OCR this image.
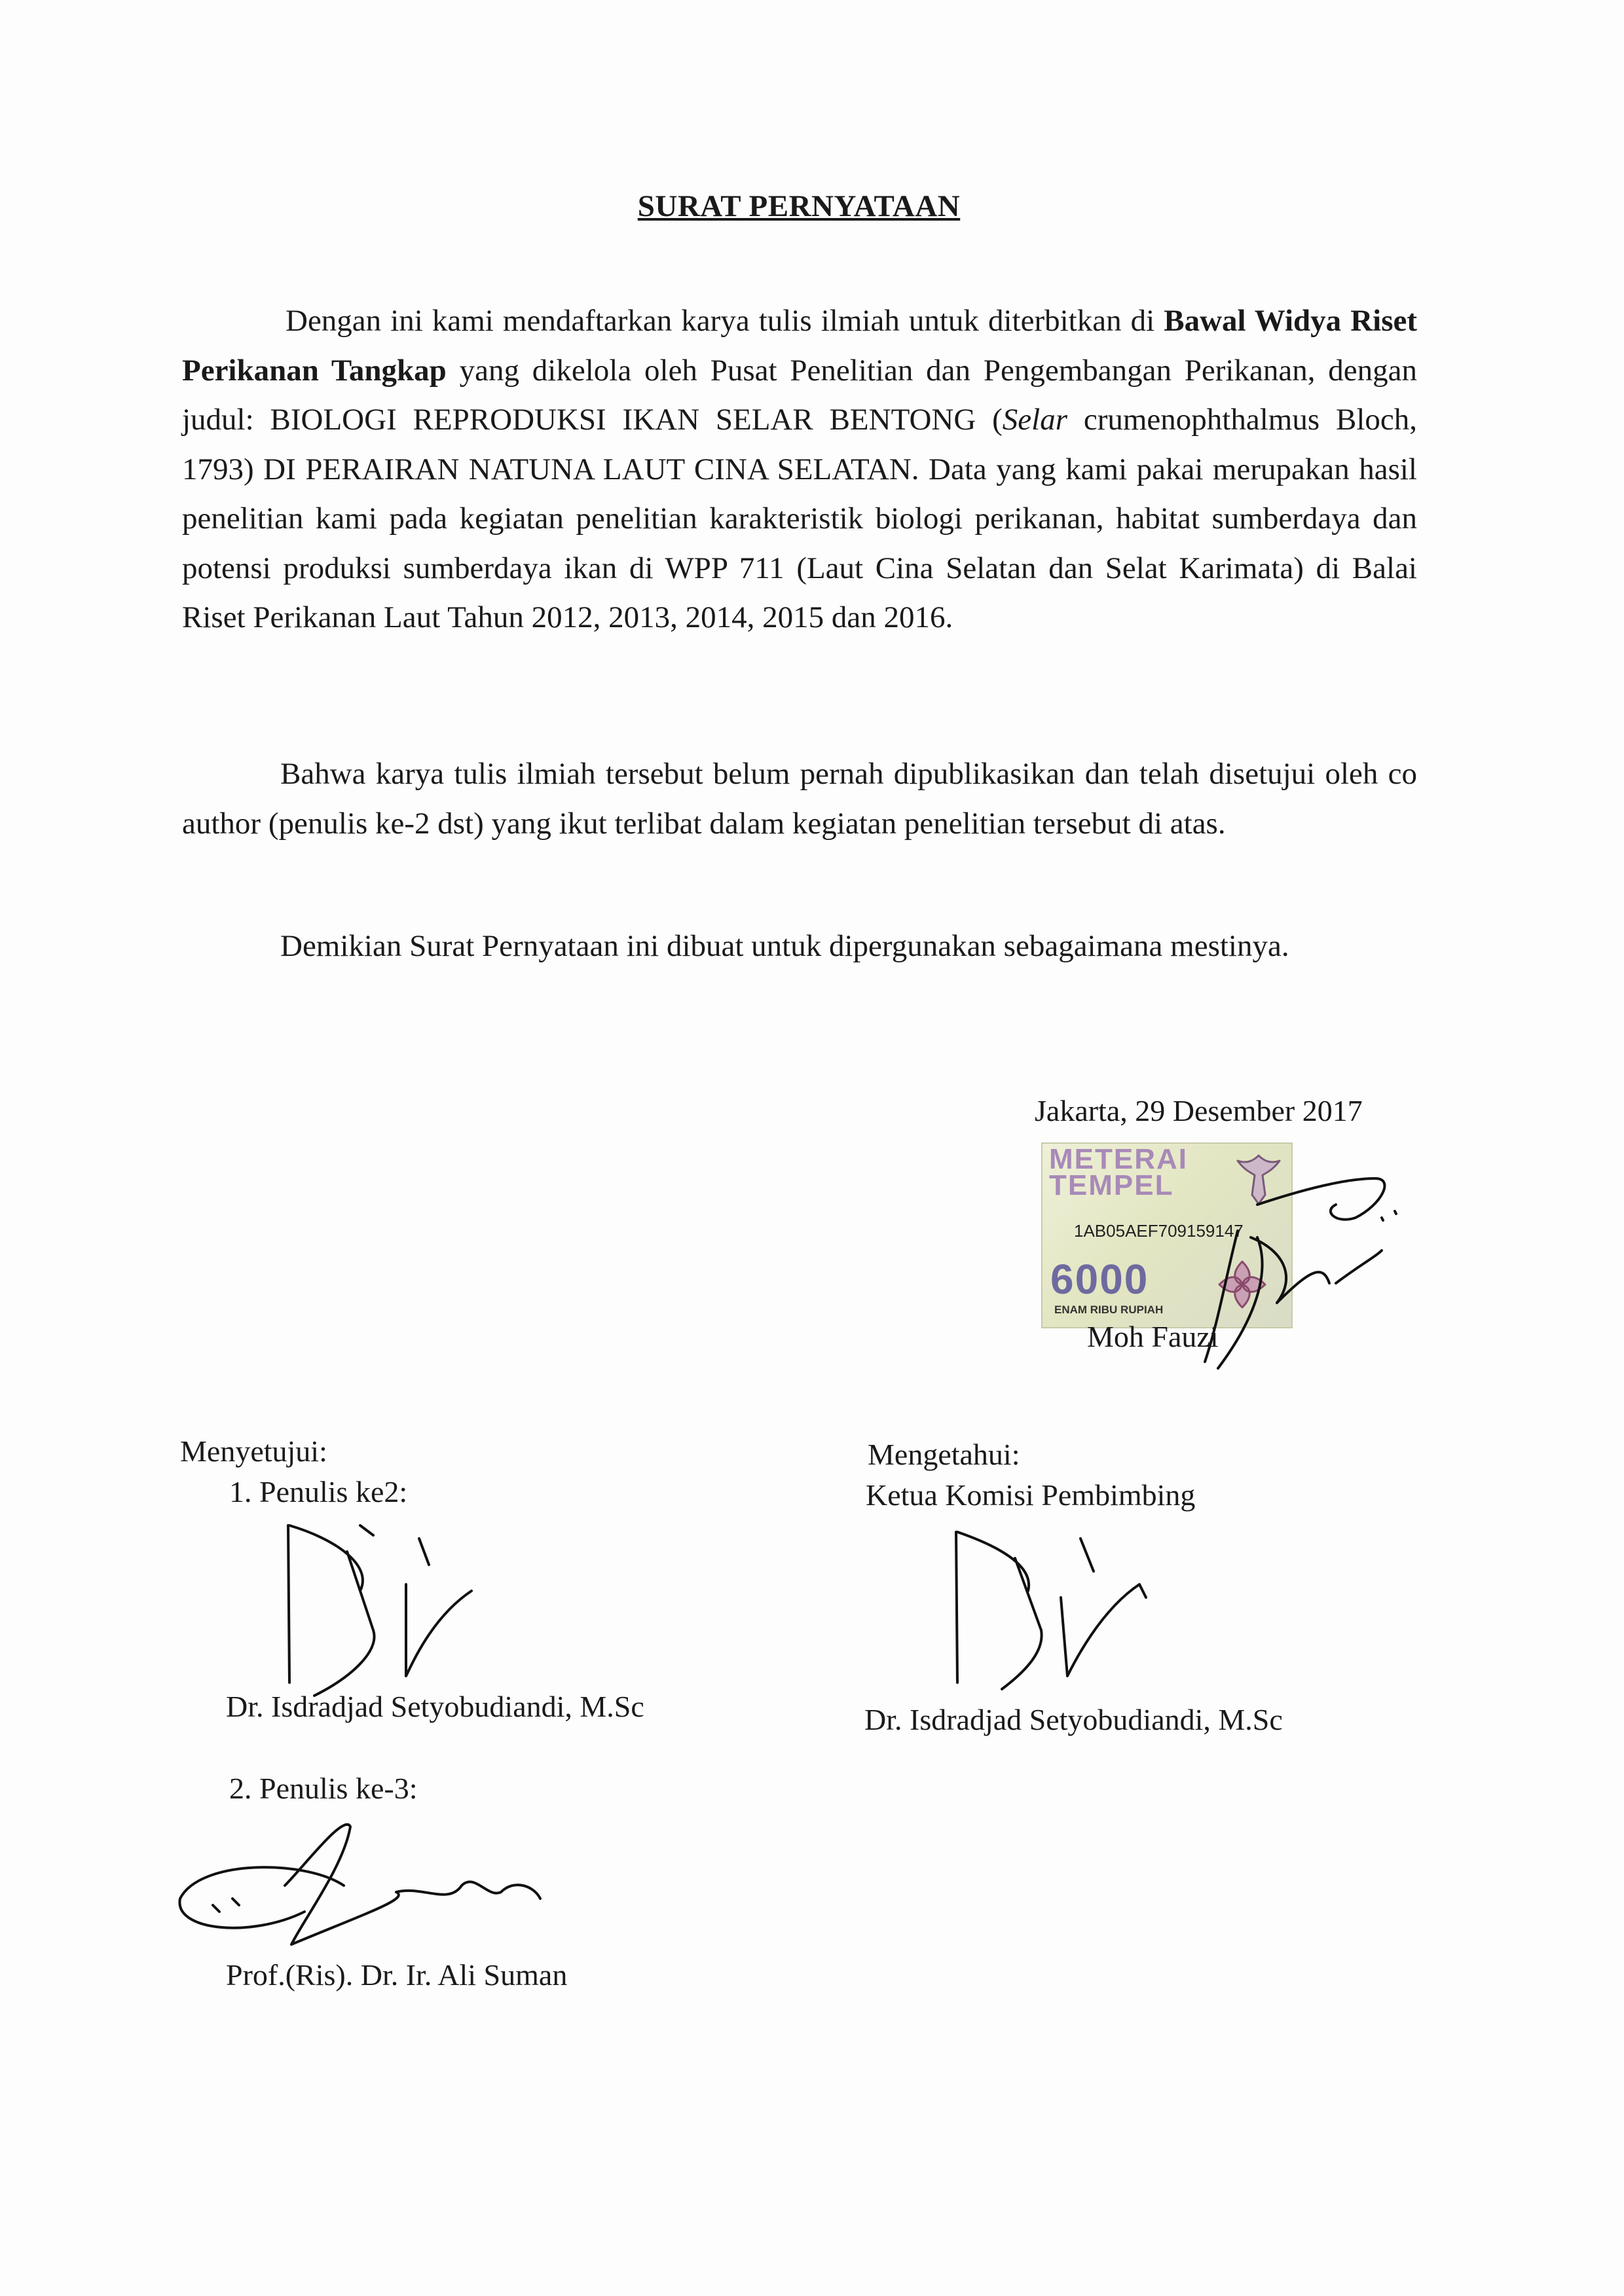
SURAT PERNYATAAN
Dengan ini kami mendaftarkan karya tulis ilmiah untuk diterbitkan di Bawal Widya Riset Perikanan Tangkap yang dikelola oleh Pusat Penelitian dan Pengembangan Perikanan, dengan judul: BIOLOGI REPRODUKSI IKAN SELAR BENTONG (Selar crumenophthalmus Bloch, 1793) DI PERAIRAN NATUNA LAUT CINA SELATAN. Data yang kami pakai merupakan hasil penelitian kami pada kegiatan penelitian karakteristik biologi perikanan, habitat sumberdaya dan potensi produksi sumberdaya ikan di WPP 711 (Laut Cina Selatan dan Selat Karimata) di Balai Riset Perikanan Laut Tahun 2012, 2013, 2014, 2015 dan 2016.
Bahwa karya tulis ilmiah tersebut belum pernah dipublikasikan dan telah disetujui oleh co author (penulis ke-2 dst) yang ikut terlibat dalam kegiatan penelitian tersebut di atas.
Demikian Surat Pernyataan ini dibuat untuk dipergunakan sebagaimana mestinya.
Jakarta, 29 Desember 2017
METERAI
TEMPEL
1AB05AEF709159147
6000
ENAM RIBU RUPIAH
Moh Fauzi
Menyetujui:
1. Penulis ke2:
Dr. Isdradjad Setyobudiandi, M.Sc
2. Penulis ke-3:
Prof.(Ris). Dr. Ir. Ali Suman
Mengetahui:
Ketua Komisi Pembimbing
Dr. Isdradjad Setyobudiandi, M.Sc
